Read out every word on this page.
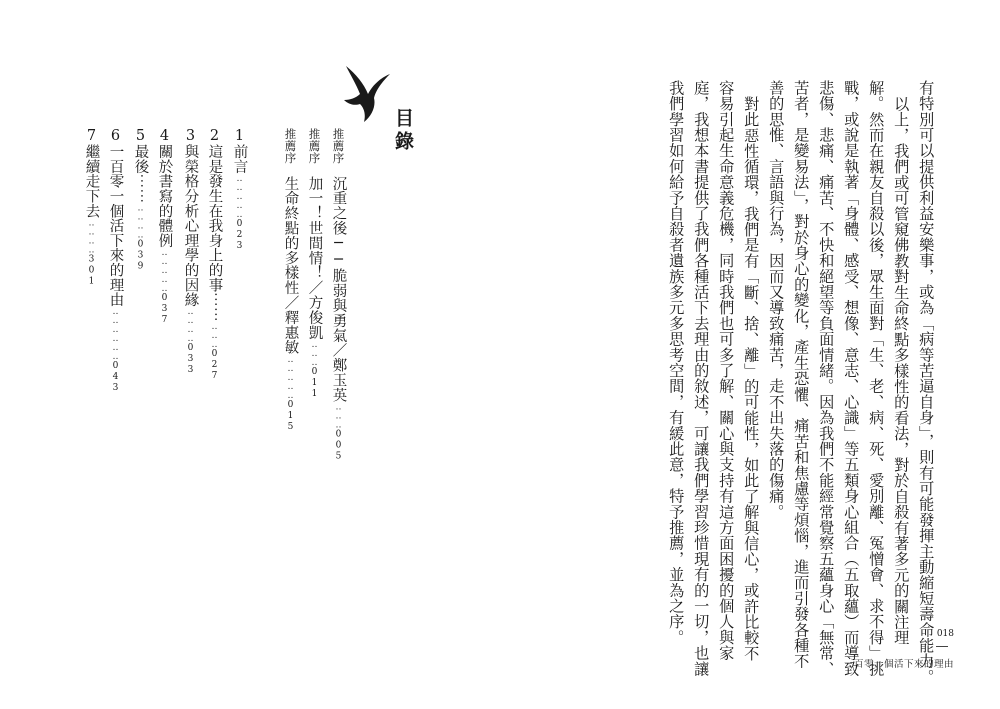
目錄
推薦序沉重之後──脆弱與勇氣／鄭玉英‥‥‥005
推薦序加一！世間情！／方俊凱‥‥‥011
推薦序生命終點的多樣性／釋惠敏‥‥‥‥‥015
1前言‥‥‥‥‥023
2這是發生在我身上的事⋯⋯‥‥‥027
3與榮格分析心理學的因緣‥‥‥‥033
4關於書寫的體例‥‥‥‥‥037
5最後⋯⋯‥‥‥‥039
6一百零一個活下來的理由‥‥‥‥‥‥043
7繼續走下去‥‥‥‥301	有特別可以提供利益安樂事，或為「病等苦逼自身」，則有可能發揮主動縮短壽命能力。
以上，我們或可管窺佛教對生命終點多樣性的看法，對於自殺有著多元的關注理
解。然而在親友自殺以後，眾生面對「生、老、病、死、愛別離、冤憎會、求不得」挑
戰，或說是執著「身體、感受、想像、意志、心識」等五類身心組合（五取蘊）而導致
悲傷、悲痛、痛苦、不快和絕望等負面情緒。因為我們不能經常覺察五蘊身心「無常、
苦者，是變易法」，對於身心的變化，產生恐懼、痛苦和焦慮等煩惱，進而引發各種不
善的思惟、言語與行為，因而又導致痛苦，走不出失落的傷痛。
對此惡性循環，我們是有「斷、捨、離」的可能性，如此了解與信心，或許比較不
容易引起生命意義危機，同時我們也可多了解、關心與支持有這方面困擾的個人與家
庭，我想本書提供了我們各種活下去理由的敘述，可讓我們學習珍惜現有的一切，也讓
我們學習如何給予自殺者遺族多元多思考空間，有緩此意，特予推薦，並為之序。	018
一百零一個活下來的理由
